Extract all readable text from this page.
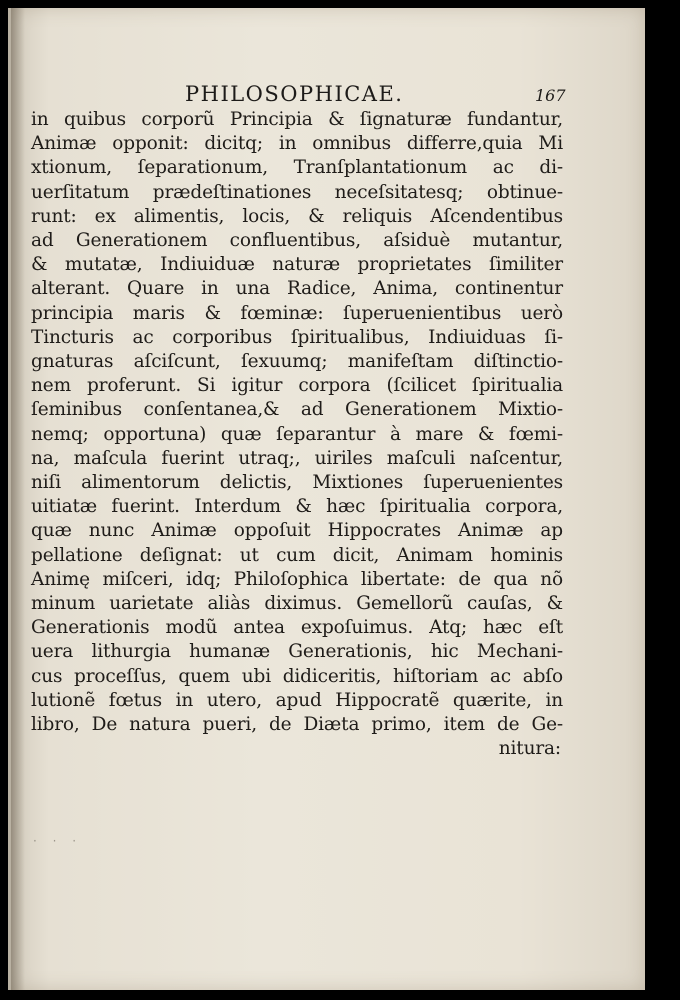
PHILOSOPHICAE.	167
in quibus corporũ Principia & ſignaturæ fundantur,
Animæ opponit: dicitq; in omnibus differre,quia Mi
xtionum, ſeparationum, Tranſplantationum ac di-
uerſitatum prædeſtinationes neceſsitatesq; obtinue-
runt: ex alimentis, locis, & reliquis Aſcendentibus
ad Generationem confluentibus, aſsiduè mutantur,
& mutatæ, Indiuiduæ naturæ proprietates ſimiliter
alterant. Quare in una Radice, Anima, continentur
principia maris & fœminæ: ſuperuenientibus uerò
Tincturis ac corporibus ſpiritualibus, Indiuiduas ſi-
gnaturas aſciſcunt, ſexuumq; manifeſtam diſtinctio-
nem proferunt. Si igitur corpora (ſcilicet ſpiritualia
ſeminibus conſentanea,& ad Generationem Mixtio-
nemq; opportuna) quæ ſeparantur à mare & fœmi-
na, maſcula fuerint utraq;, uiriles maſculi naſcentur,
niſi alimentorum delictis, Mixtiones ſuperuenientes
uitiatæ fuerint. Interdum & hæc ſpiritualia corpora,
quæ nunc Animæ oppoſuit Hippocrates Animæ ap
pellatione deſignat: ut cum dicit, Animam hominis
Animę miſceri, idq; Philoſophica libertate: de qua nõ
minum uarietate aliàs diximus. Gemellorũ cauſas, &
Generationis modũ antea expoſuimus. Atq; hæc eſt
uera lithurgia humanæ Generationis, hic Mechani-
cus proceſſus, quem ubi didiceritis, hiſtoriam ac abſo
lutionẽ fœtus in utero, apud Hippocratẽ quærite, in
libro, De natura pueri, de Diæta primo, item de Ge-
nitura:
· · ·
